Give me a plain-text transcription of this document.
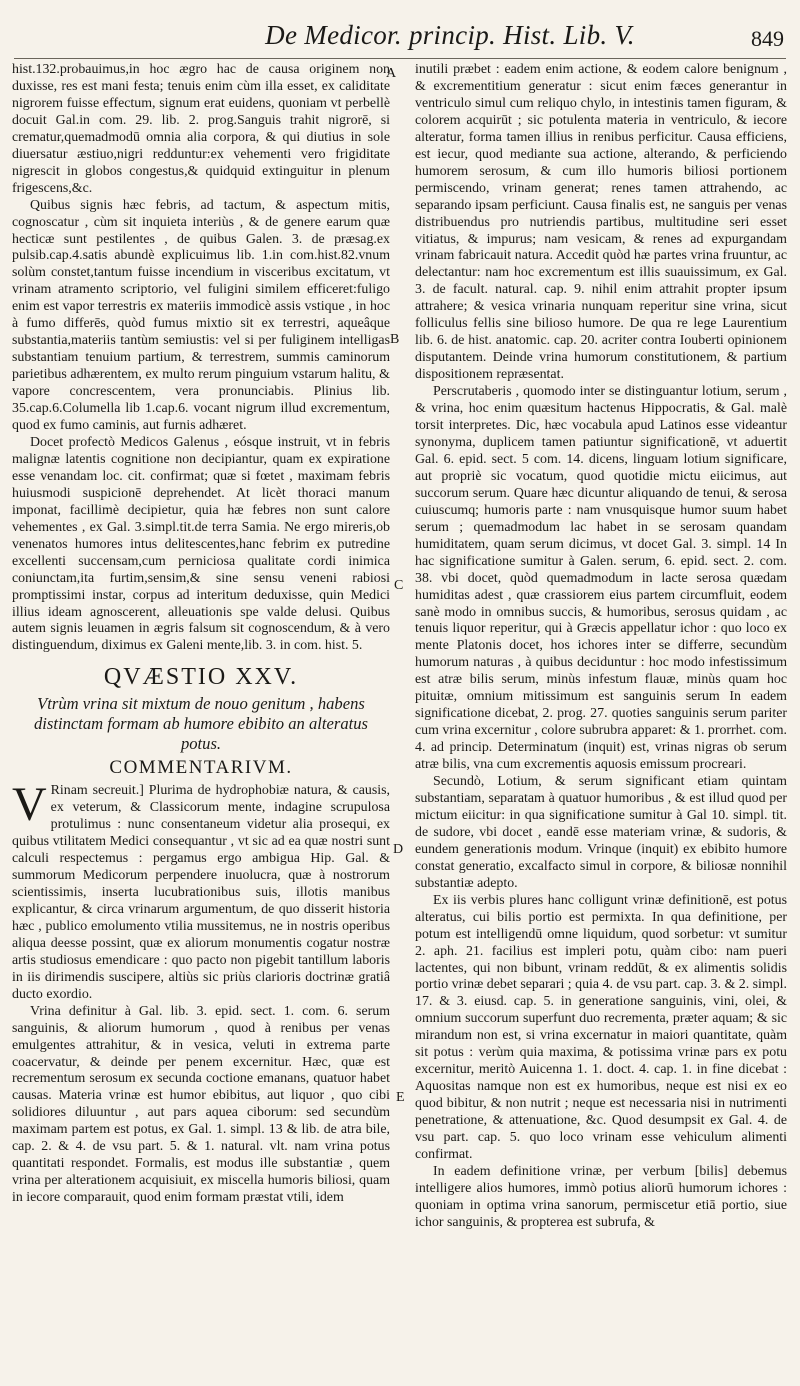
De Medicor. princip. Hist. Lib. V.	849

hist.132.probauimus,in hoc ægro hac de causa originem non duxisse, res est mani festa; tenuis enim cùm illa esset, ex caliditate nigrorem fuisse effectum, signum erat euidens, quoniam vt perbellè docuit Gal.in com. 29. lib. 2. prog.Sanguis trahit nigrorē, si crematur,quemadmodū omnia alia corpora, & qui diutius in sole diuersatur æstiuo,nigri redduntur:ex vehementi vero frigiditate nigrescit in globos congestus,& quidquid extinguitur in plenum frigescens,&c.

Quibus signis hæc febris, ad tactum, & aspectum mitis, cognoscatur , cùm sit inquieta interiùs , & de genere earum quæ hecticæ sunt pestilentes , de quibus Galen. 3. de præsag.ex pulsib.cap.4.satis abundè explicuimus lib. 1.in com.hist.82.vnum solùm constet,tantum fuisse incendium in visceribus excitatum, vt vrinam atramento scriptorio, vel fuligini similem efficeret:fuligo enim est vapor terrestris ex materiis immodicè assis vstique , in hoc à fumo differēs, quòd fumus mixtio sit ex terrestri, aqueâque substantia,materiis tantùm semiustis: vel si per fuliginem intelligas substantiam tenuium partium, & terrestrem, summis caminorum parietibus adhærentem, ex multo rerum pinguium vstarum halitu, & vapore concrescentem, vera pronunciabis. Plinius lib. 35.cap.6.Columella lib 1.cap.6. vocant nigrum illud excrementum, quod ex fumo caminis, aut furnis adhæret.

Docet profectò Medicos Galenus , eósque instruit, vt in febris malignæ latentis cognitione non decipiantur, quam ex expiratione esse venandam loc. cit. confirmat; quæ si fœtet , maximam febris huiusmodi suspicionē deprehendet. At licèt thoraci manum imponat, facillimè decipietur, quia hæ febres non sunt calore vehementes , ex Gal. 3.simpl.tit.de terra Samia. Ne ergo mireris,ob venenatos humores intus delitescentes,hanc febrim ex putredine excellenti succensam,cum perniciosa qualitate cordi inimica coniunctam,ita furtim,sensim,& sine sensu veneni rabiosi promptissimi instar, corpus ad interitum deduxisse, quin Medici illius ideam agnoscerent, alleuationis spe valde delusi. Quibus autem signis leuamen in ægris falsum sit cognoscendum, & à vero distinguendum, diximus ex Galeni mente,lib. 3. in com. hist. 5.

QVÆSTIO XXV.
Vtrùm vrina sit mixtum de nouo genitum , habens distinctam formam ab humore ebibito an alteratus potus.
COMMENTARIVM.

V Rinam secreuit.] Plurima de hydrophobiæ natura, & causis, ex veterum, & Classicorum mente, indagine scrupulosa protulimus : nunc consentaneum videtur alia prosequi, ex quibus vtilitatem Medici consequantur , vt sic ad ea quæ nostri sunt calculi respectemus : pergamus ergo ambigua Hip. Gal. & summorum Medicorum perpendere inuolucra, quæ à nostrorum scientissimis, inserta lucubrationibus suis, illotis manibus explicantur, & circa vrinarum argumentum, de quo disserit historia hæc , publico emolumento vtilia mussitemus, ne in nostris operibus aliqua deesse possint, quæ ex aliorum monumentis cogatur nostræ artis studiosus emendicare : quo pacto non pigebit tantillum laboris in iis dirimendis suscipere, altiùs sic priùs clarioris doctrinæ gratiâ ducto exordio.

Vrina definitur à Gal. lib. 3. epid. sect. 1. com. 6. serum sanguinis, & aliorum humorum , quod à renibus per venas emulgentes attrahitur, & in vesica, veluti in extrema parte coacervatur, & deinde per penem excernitur. Hæc, quæ est recrementum serosum ex secunda coctione emanans, quatuor habet causas. Materia vrinæ est humor ebibitus, aut liquor , quo cibi solidiores diluuntur , aut pars aquea ciborum: sed secundùm maximam partem est potus, ex Gal. 1. simpl. 13 & lib. de atra bile, cap. 2. & 4. de vsu part. 5. & 1. natural. vlt. nam vrina potus quantitati respondet. Formalis, est modus ille substantiæ , quem vrina per alterationem acquisiuit, ex miscella humoris biliosi, quam in iecore comparauit, quod enim formam præstat vtili, idem

A
B
C
D
E

inutili præbet : eadem enim actione, & eodem calore benignum , & excrementitium generatur : sicut enim fæces generantur in ventriculo simul cum reliquo chylo, in intestinis tamen figuram, & colorem acquirūt ; sic potulenta materia in ventriculo, & iecore alteratur, forma tamen illius in renibus perficitur. Causa efficiens, est iecur, quod mediante sua actione, alterando, & perficiendo humorem serosum, & cum illo humoris biliosi portionem permiscendo, vrinam generat; renes tamen attrahendo, ac separando ipsam perficiunt. Causa finalis est, ne sanguis per venas distribuendus pro nutriendis partibus, multitudine seri esset vitiatus, & impurus; nam vesicam, & renes ad expurgandam vrinam fabricauit natura. Accedit quòd hæ partes vrina fruuntur, ac delectantur: nam hoc excrementum est illis suauissimum, ex Gal. 3. de facult. natural. cap. 9. nihil enim attrahit propter ipsum attrahere; & vesica vrinaria nunquam reperitur sine vrina, sicut folliculus fellis sine bilioso humore. De qua re lege Laurentium lib. 6. de hist. anatomic. cap. 20. acriter contra Iouberti opinionem disputantem. Deinde vrina humorum constitutionem, & partium dispositionem repræsentat.

Perscrutaberis , quomodo inter se distinguantur lotium, serum , & vrina, hoc enim quæsitum hactenus Hippocratis, & Gal. malè torsit interpretes. Dic, hæc vocabula apud Latinos esse videantur synonyma, duplicem tamen patiuntur significationē, vt aduertit Gal. 6. epid. sect. 5 com. 14. dicens, linguam lotium significare, aut propriè sic vocatum, quod quotidie mictu eiicimus, aut succorum serum. Quare hæc dicuntur aliquando de tenui, & serosa cuiuscumq; humoris parte : nam vnusquisque humor suum habet serum ; quemadmodum lac habet in se serosam quandam humiditatem, quam serum dicimus, vt docet Gal. 3. simpl. 14 In hac significatione sumitur à Galen. serum, 6. epid. sect. 2. com. 38. vbi docet, quòd quemadmodum in lacte serosa quædam humiditas adest , quæ crassiorem eius partem circumfluit, eodem sanè modo in omnibus succis, & humoribus, serosus quidam , ac tenuis liquor reperitur, qui à Græcis appellatur ichor : quo loco ex mente Platonis docet, hos ichores inter se differre, secundùm humorum naturas , à quibus deciduntur : hoc modo infestissimum est atræ bilis serum, minùs infestum flauæ, minùs quam hoc pituitæ, omnium mitissimum est sanguinis serum In eadem significatione dicebat, 2. prog. 27. quoties sanguinis serum pariter cum vrina excernitur , colore subrubra apparet: & 1. prorrhet. com. 4. ad princip. Determinatum (inquit) est, vrinas nigras ob serum atræ bilis, vna cum excrementis aquosis emissum procreari.

Secundò, Lotium, & serum significant etiam quintam substantiam, separatam à quatuor humoribus , & est illud quod per mictum eiicitur: in qua significatione sumitur à Gal 10. simpl. tit. de sudore, vbi docet , eandē esse materiam vrinæ, & sudoris, & eundem generationis modum. Vrinque (inquit) ex ebibito humore constat generatio, excalfacto simul in corpore, & biliosæ nonnihil substantiæ adepto.

Ex iis verbis plures hanc colligunt vrinæ definitionē, est potus alteratus, cui bilis portio est permixta. In qua definitione, per potum est intelligendū omne liquidum, quod sorbetur: vt sumitur 2. aph. 21. facilius est impleri potu, quàm cibo: nam pueri lactentes, qui non bibunt, vrinam reddūt, & ex alimentis solidis portio vrinæ debet separari ; quia 4. de vsu part. cap. 3. & 2. simpl. 17. & 3. eiusd. cap. 5. in generatione sanguinis, vini, olei, & omnium succorum superfunt duo recrementa, præter aquam; & sic mirandum non est, si vrina excernatur in maiori quantitate, quàm sit potus : verùm quia maxima, & potissima vrinæ pars ex potu excernitur, meritò Auicenna 1. 1. doct. 4. cap. 1. in fine dicebat : Aquositas namque non est ex humoribus, neque est nisi ex eo quod bibitur, & non nutrit ; neque est necessaria nisi in nutrimenti penetratione, & attenuatione, &c. Quod desumpsit ex Gal. 4. de vsu part. cap. 5. quo loco vrinam esse vehiculum alimenti confirmat.

In eadem definitione vrinæ, per verbum [bilis] debemus intelligere alios humores, immò potius aliorū humorum ichores : quoniam in optima vrina sanorum, permiscetur etiā portio, siue ichor sanguinis, & propterea est subrufa, &
